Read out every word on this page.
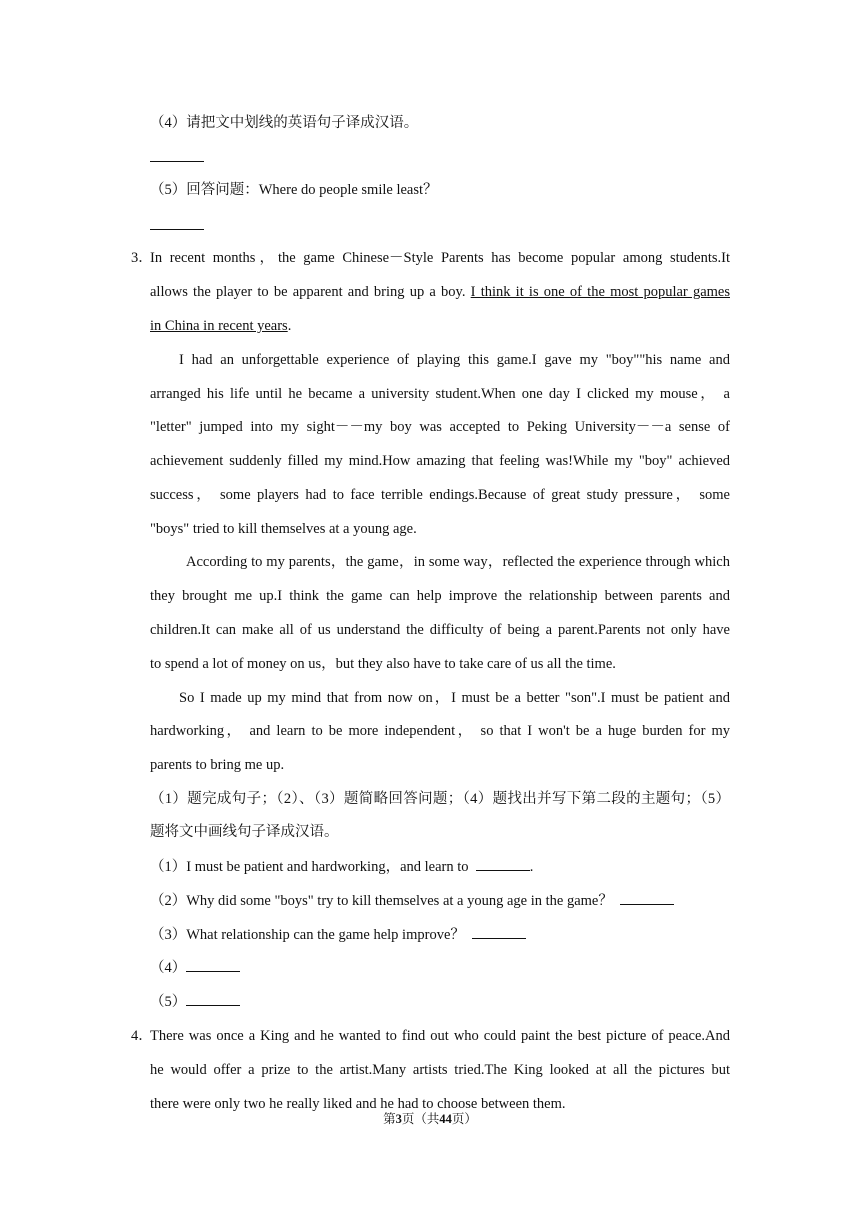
（4）请把文中划线的英语句子译成汉语。
（5）回答问题：Where do people smile least？
3．
In recent months，the game Chinese－Style Parents has become popular among students.It
allows the player to be apparent and bring up a boy. I think it is one of the most popular games
in China in recent years.
I had an unforgettable experience of playing this game.I gave my "boy""his name and
arranged his life until he became a university student.When one day I clicked my mouse， a
"letter" jumped into my sight－－my boy was accepted to Peking University－－a sense of
achievement suddenly filled my mind.How amazing that feeling was!While my "boy" achieved
success， some players had to face terrible endings.Because of great study pressure， some
"boys" tried to kill themselves at a young age.
According to my parents，the game，in some way，reflected the experience through which
they brought me up.I think the game can help improve the relationship between parents and
children.It can make all of us understand the difficulty of being a parent.Parents not only have
to spend a lot of money on us，but they also have to take care of us all the time.
So I made up my mind that from now on，I must be a better "son".I must be patient and
hardworking， and learn to be more independent， so that I won't be a huge burden for my
parents to bring me up.
（1）题完成句子；（2）、（3）题简略回答问题；（4）题找出并写下第二段的主题句；（5）
题将文中画线句子译成汉语。
（1）I must be patient and hardworking，and learn to	.
（2）Why did some "boys" try to kill themselves at a young age in the game？
（3）What relationship can the game help improve？
（4）
（5）
4．
There was once a King and he wanted to find out who could paint the best picture of peace.And
he would offer a prize to the artist.Many artists tried.The King looked at all the pictures but
there were only two he really liked and he had to choose between them.
第3页（共44页）
